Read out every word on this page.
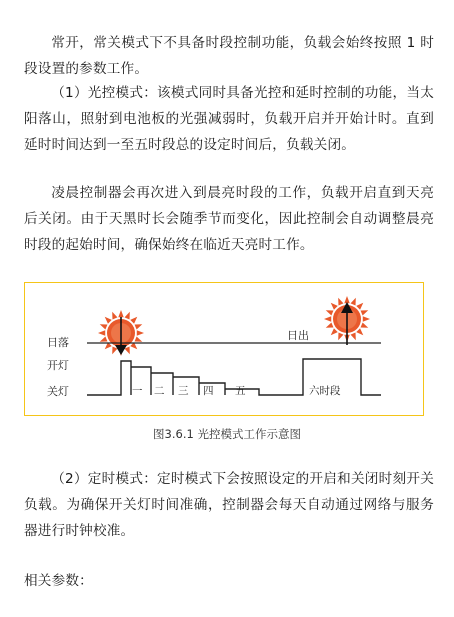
常开，常关模式下不具备时段控制功能，负载会始终按照 1 时段设置的参数工作。

（1）光控模式：该模式同时具备光控和延时控制的功能，当太阳落山，照射到电池板的光强减弱时，负载开启并开始计时。直到延时时间达到一至五时段总的设定时间后，负载关闭。

凌晨控制器会再次进入到晨亮时段的工作，负载开启直到天亮后关闭。由于天黑时长会随季节而变化，因此控制会自动调整晨亮时段的起始时间，确保始终在临近天亮时工作。

日落
开灯
关灯
日出
一 二 三 四 五	六时段
图3.6.1 光控模式工作示意图

（2）定时模式：定时模式下会按照设定的开启和关闭时刻开关负载。为确保开关灯时间准确，控制器会每天自动通过网络与服务器进行时钟校准。

相关参数：
